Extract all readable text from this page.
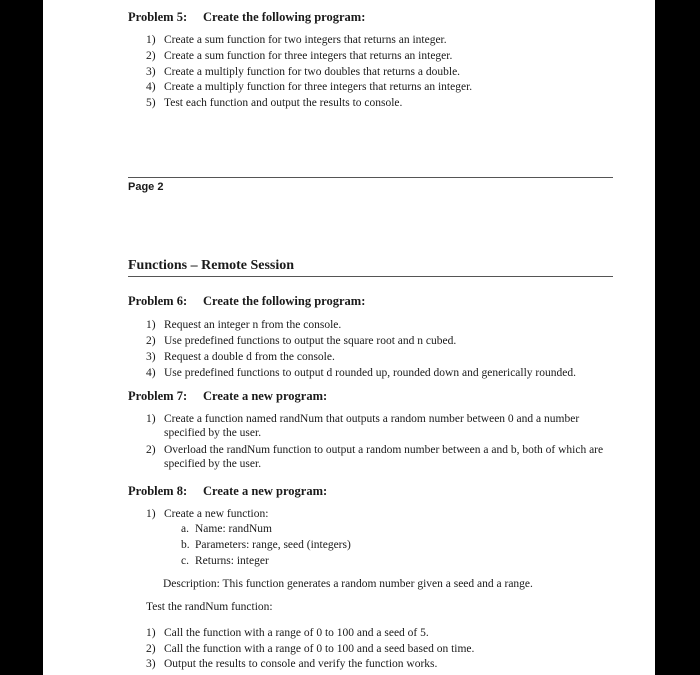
Problem 5: Create the following program:
1) Create a sum function for two integers that returns an integer.
2) Create a sum function for three integers that returns an integer.
3) Create a multiply function for two doubles that returns a double.
4) Create a multiply function for three integers that returns an integer.
5) Test each function and output the results to console.
Page 2
Functions – Remote Session
Problem 6: Create the following program:
1) Request an integer n from the console.
2) Use predefined functions to output the square root and n cubed.
3) Request a double d from the console.
4) Use predefined functions to output d rounded up, rounded down and generically rounded.
Problem 7: Create a new program:
1) Create a function named randNum that outputs a random number between 0 and a number specified by the user.
2) Overload the randNum function to output a random number between a and b, both of which are specified by the user.
Problem 8: Create a new program:
1) Create a new function:
a. Name: randNum
b. Parameters: range, seed (integers)
c. Returns: integer
Description: This function generates a random number given a seed and a range.
Test the randNum function:
1) Call the function with a range of 0 to 100 and a seed of 5.
2) Call the function with a range of 0 to 100 and a seed based on time.
3) Output the results to console and verify the function works.
